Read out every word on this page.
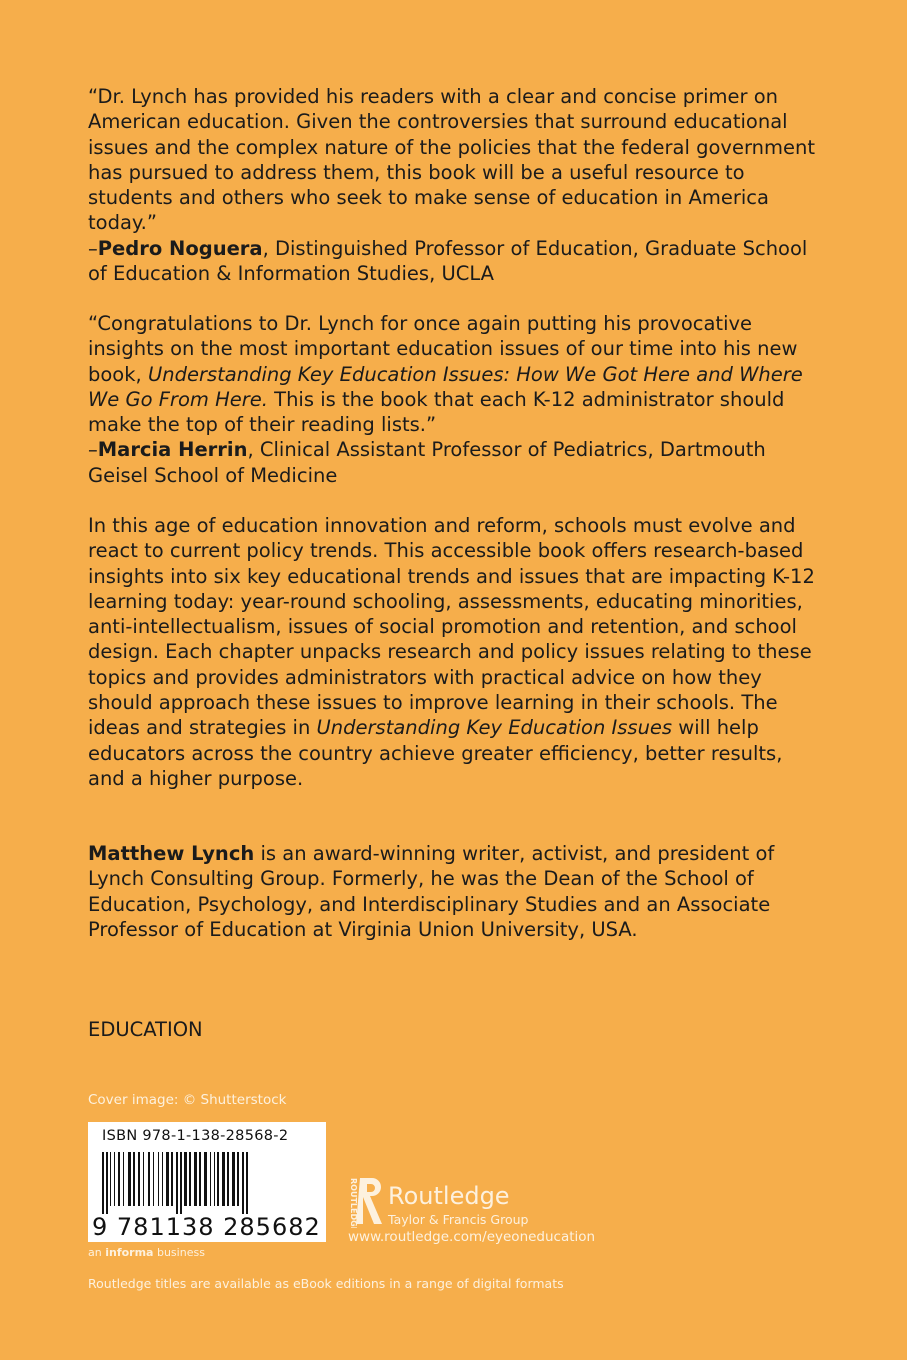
“Dr. Lynch has provided his readers with a clear and concise primer on American education. Given the controversies that surround educational issues and the complex nature of the policies that the federal government has pursued to address them, this book will be a useful resource to students and others who seek to make sense of education in America today.”
–Pedro Noguera, Distinguished Professor of Education, Graduate School of Education & Information Studies, UCLA

“Congratulations to Dr. Lynch for once again putting his provocative insights on the most important education issues of our time into his new book, Understanding Key Education Issues: How We Got Here and Where We Go From Here. This is the book that each K-12 administrator should make the top of their reading lists.”
–Marcia Herrin, Clinical Assistant Professor of Pediatrics, Dartmouth Geisel School of Medicine

In this age of education innovation and reform, schools must evolve and react to current policy trends. This accessible book offers research-based insights into six key educational trends and issues that are impacting K-12 learning today: year-round schooling, assessments, educating minorities, anti-intellectualism, issues of social promotion and retention, and school design. Each chapter unpacks research and policy issues relating to these topics and provides administrators with practical advice on how they should approach these issues to improve learning in their schools. The ideas and strategies in Understanding Key Education Issues will help educators across the country achieve greater efficiency, better results, and a higher purpose.

Matthew Lynch is an award-winning writer, activist, and president of Lynch Consulting Group. Formerly, he was the Dean of the School of Education, Psychology, and Interdisciplinary Studies and an Associate Professor of Education at Virginia Union University, USA.

EDUCATION
Cover image: © Shutterstock
ISBN 978-1-138-28568-2
9 781138 285682
an informa business
ROUTLEDGE Routledge
Taylor & Francis Group
www.routledge.com/eyeoneducation
Routledge titles are available as eBook editions in a range of digital formats
